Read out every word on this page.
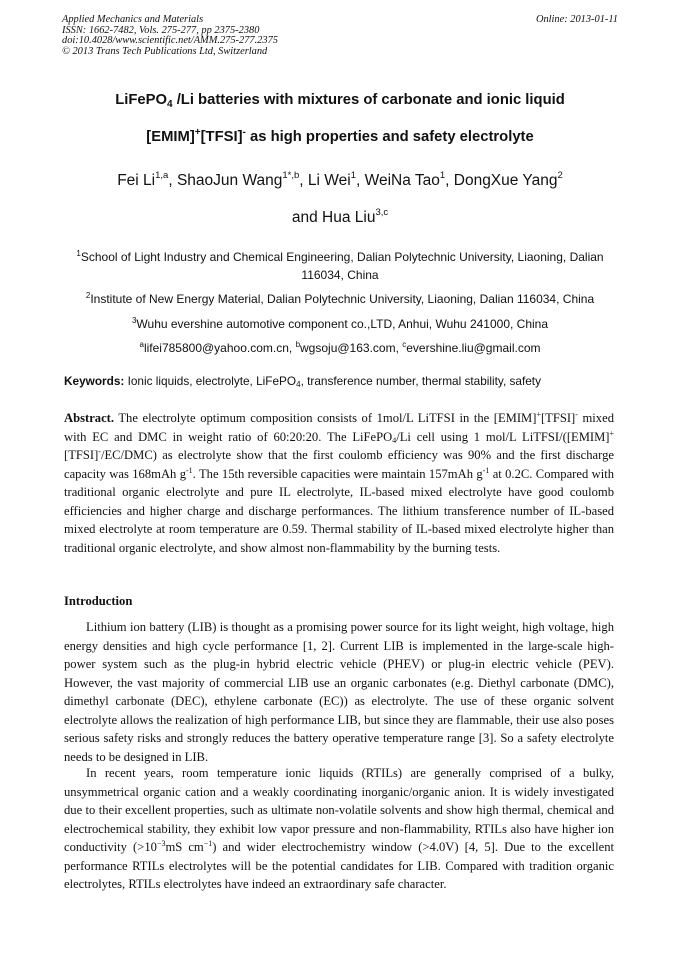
Applied Mechanics and Materials
ISSN: 1662-7482, Vols. 275-277, pp 2375-2380
doi:10.4028/www.scientific.net/AMM.275-277.2375
© 2013 Trans Tech Publications Ltd, Switzerland
Online: 2013-01-11
LiFePO$_4$ /Li batteries with mixtures of carbonate and ionic liquid
[EMIM]+[TFSI]- as high properties and safety electrolyte
Fei Li$^{1,a}$, ShaoJun Wang$^{1*,b}$, Li Wei$^1$, WeiNa Tao$^1$, DongXue Yang$^2$
and Hua Liu$^{3,c}$
$^1$School of Light Industry and Chemical Engineering, Dalian Polytechnic University, Liaoning, Dalian 116034, China
$^2$Institute of New Energy Material, Dalian Polytechnic University, Liaoning, Dalian 116034, China
$^3$Wuhu evershine automotive component co.,LTD, Anhui, Wuhu 241000, China
$^a$lifei785800@yahoo.com.cn, $^b$wgsoju@163.com, $^c$evershine.liu@gmail.com
Keywords: Ionic liquids, electrolyte, LiFePO$_4$, transference number, thermal stability, safety
Abstract. The electrolyte optimum composition consists of 1mol/L LiTFSI in the [EMIM]+[TFSI]- mixed with EC and DMC in weight ratio of 60:20:20. The LiFePO$_4$/Li cell using 1 mol/L LiTFSI/([EMIM]+[TFSI]-/EC/DMC) as electrolyte show that the first coulomb efficiency was 90% and the first discharge capacity was 168mAh $g^{-1}$. The 15th reversible capacities were maintain 157mAh $g^{-1}$ at 0.2C. Compared with traditional organic electrolyte and pure IL electrolyte, IL-based mixed electrolyte have good coulomb efficiencies and higher charge and discharge performances. The lithium transference number of IL-based mixed electrolyte at room temperature are 0.59. Thermal stability of IL-based mixed electrolyte higher than traditional organic electrolyte, and show almost non-flammability by the burning tests.
Introduction
Lithium ion battery (LIB) is thought as a promising power source for its light weight, high voltage, high energy densities and high cycle performance [1, 2]. Current LIB is implemented in the large-scale high-power system such as the plug-in hybrid electric vehicle (PHEV) or plug-in electric vehicle (PEV). However, the vast majority of commercial LIB use an organic carbonates (e.g. Diethyl carbonate (DMC), dimethyl carbonate (DEC), ethylene carbonate (EC)) as electrolyte. The use of these organic solvent electrolyte allows the realization of high performance LIB, but since they are flammable, their use also poses serious safety risks and strongly reduces the battery operative temperature range [3]. So a safety electrolyte needs to be designed in LIB.
In recent years, room temperature ionic liquids (RTILs) are generally comprised of a bulky, unsymmetrical organic cation and a weakly coordinating inorganic/organic anion. It is widely investigated due to their excellent properties, such as ultimate non-volatile solvents and show high thermal, chemical and electrochemical stability, they exhibit low vapor pressure and non-flammability, RTILs also have higher ion conductivity ($>10^{-3}mS$ $cm^{-1}$) and wider electrochemistry window (>4.0V) [4, 5]. Due to the excellent performance RTILs electrolytes will be the potential candidates for LIB. Compared with tradition organic electrolytes, RTILs electrolytes have indeed an extraordinary safe character.
